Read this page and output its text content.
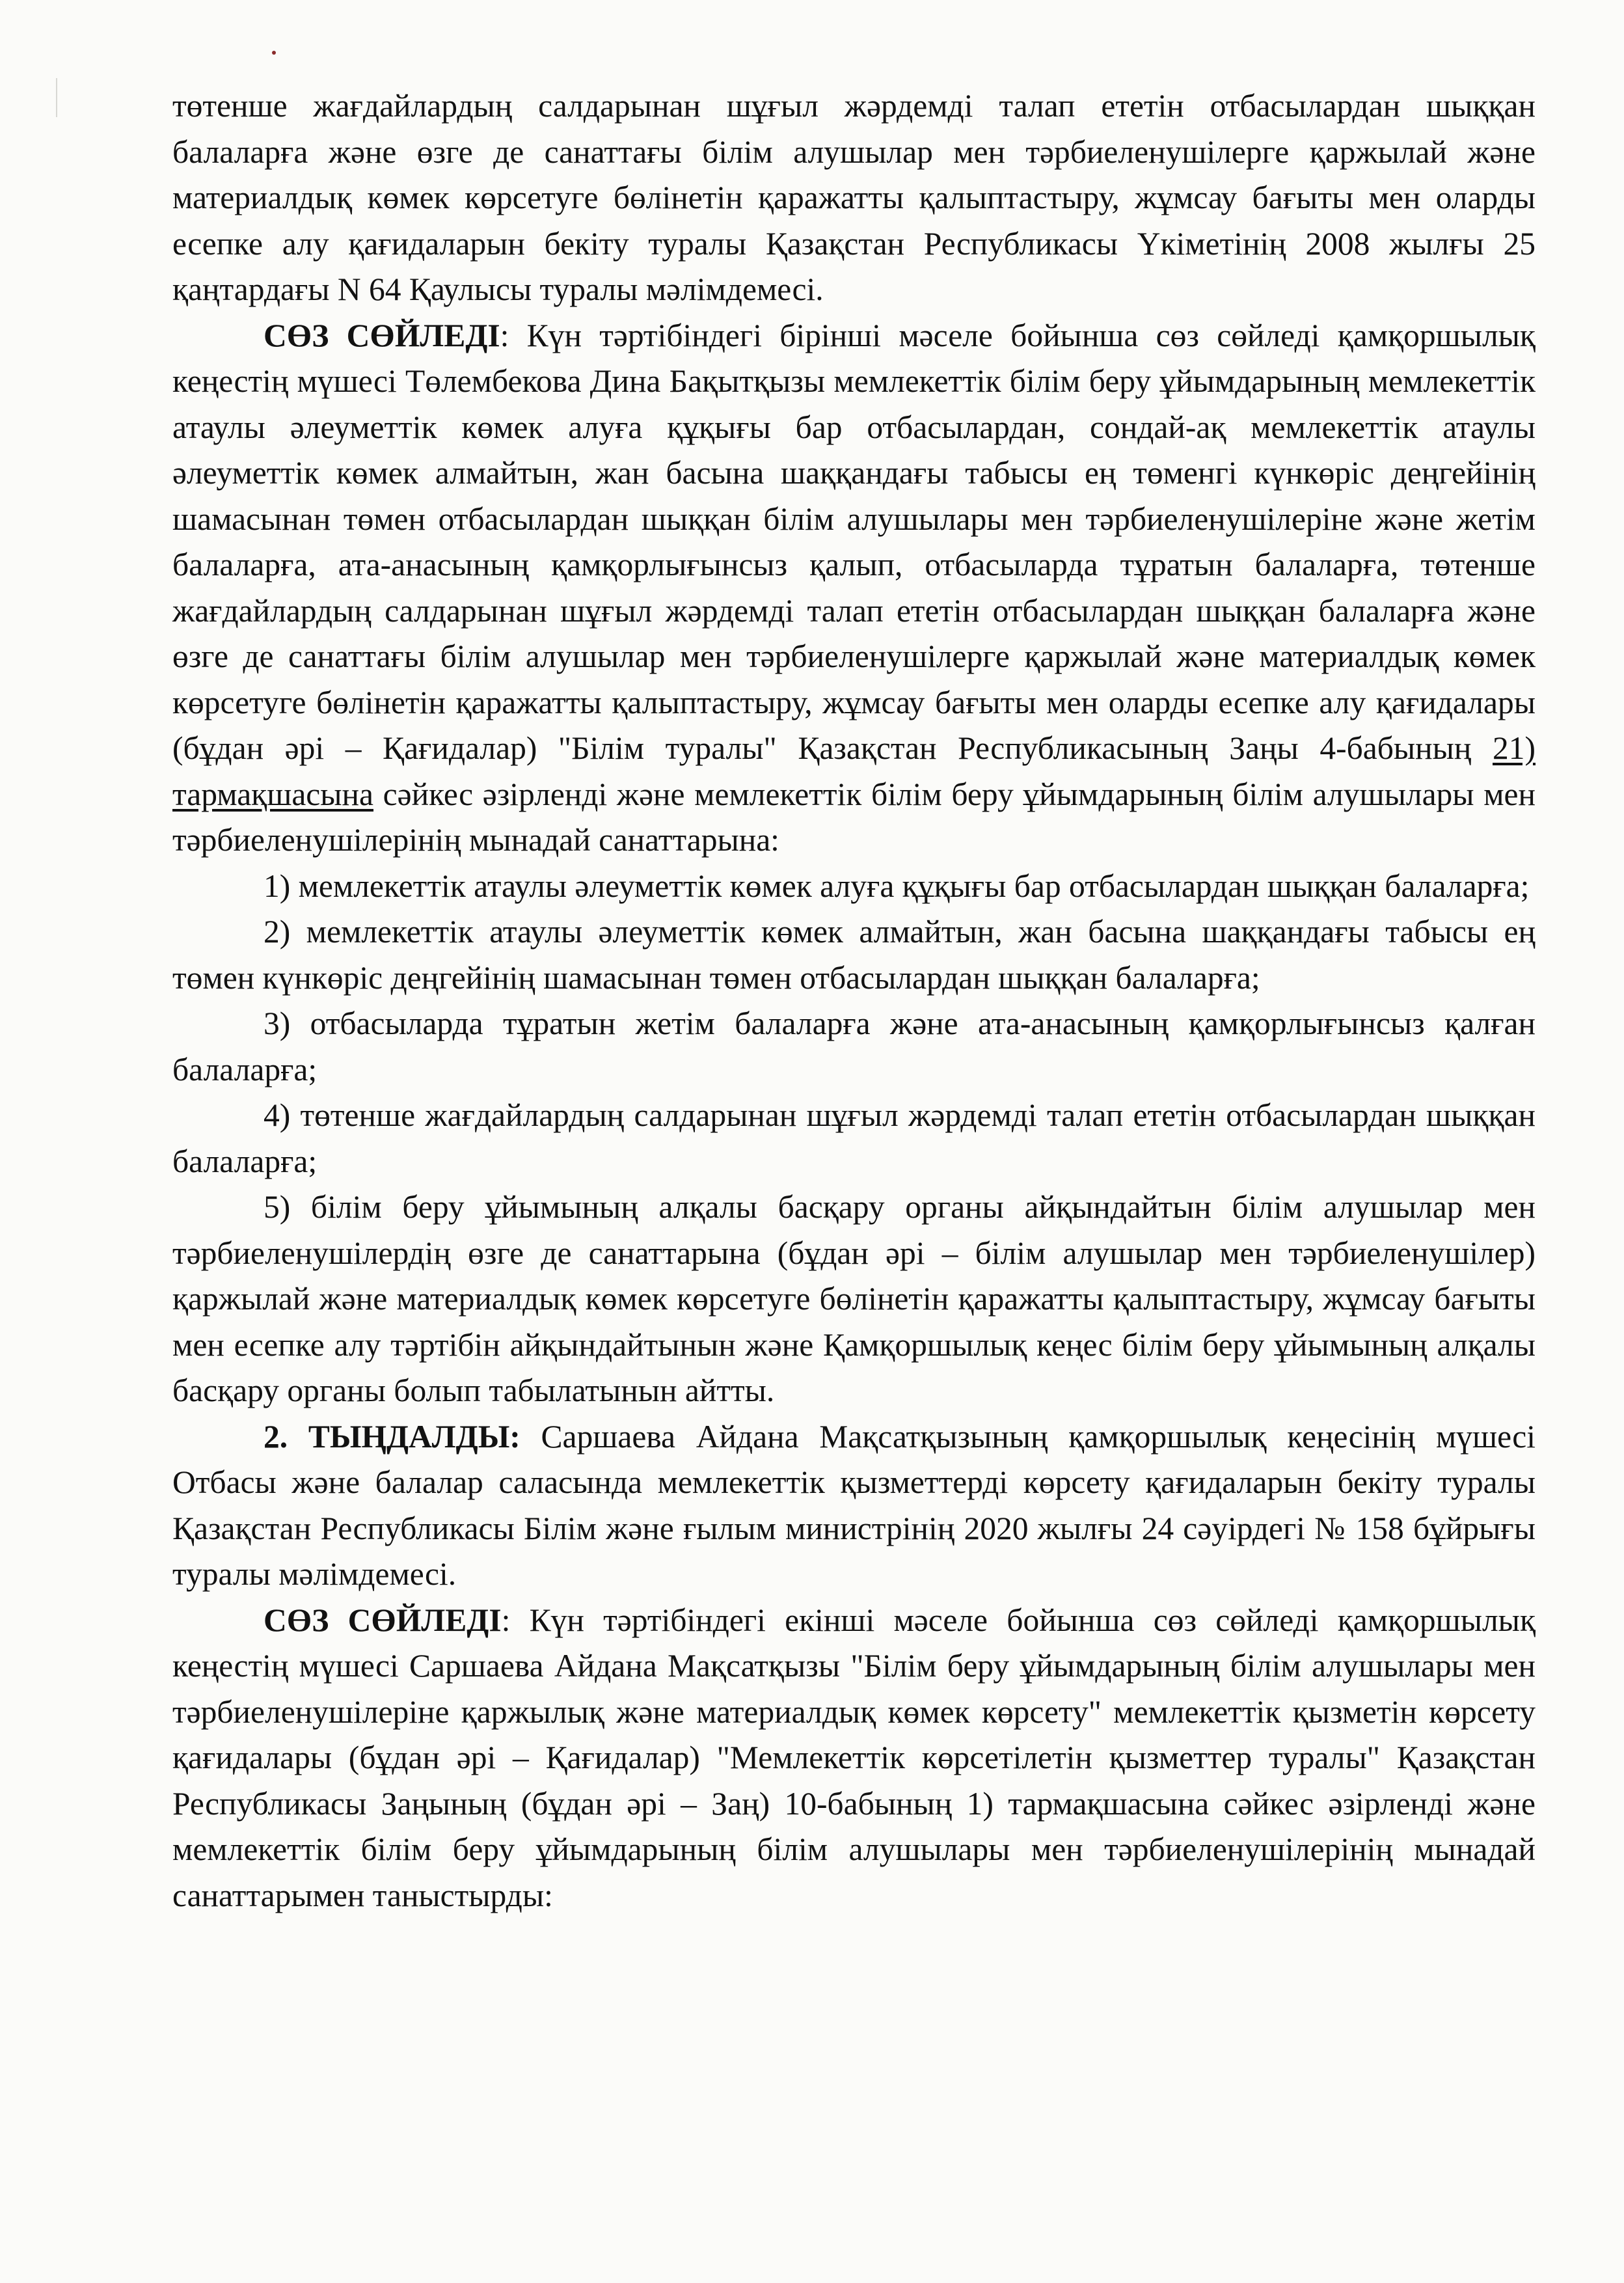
төтенше жағдайлардың салдарынан шұғыл жәрдемді талап ететін отбасылардан шыққан балаларға және өзге де санаттағы білім алушылар мен тәрбиеленушілерге қаржылай және материалдық көмек көрсетуге бөлінетін қаражатты қалыптастыру, жұмсау бағыты мен оларды есепке алу қағидаларын бекіту туралы Қазақстан Республикасы Үкіметінің 2008 жылғы 25 қаңтардағы N 64 Қаулысы туралы мәлімдемесі.

СӨЗ СӨЙЛЕДІ: Күн тәртібіндегі бірінші мәселе бойынша сөз сөйледі қамқоршылық кеңестің мүшесі Төлембекова Дина Бақытқызы мемлекеттік білім беру ұйымдарының мемлекеттік атаулы әлеуметтік көмек алуға құқығы бар отбасылардан, сондай-ақ мемлекеттік атаулы әлеуметтік көмек алмайтын, жан басына шаққандағы табысы ең төменгі күнкөріс деңгейінің шамасынан төмен отбасылардан шыққан білім алушылары мен тәрбиеленушілеріне және жетім балаларға, ата-анасының қамқорлығынсыз қалып, отбасыларда тұратын балаларға, төтенше жағдайлардың салдарынан шұғыл жәрдемді талап ететін отбасылардан шыққан балаларға және өзге де санаттағы білім алушылар мен тәрбиеленушілерге қаржылай және материалдық көмек көрсетуге бөлінетін қаражатты қалыптастыру, жұмсау бағыты мен оларды есепке алу қағидалары (бұдан әрі – Қағидалар) "Білім туралы" Қазақстан Республикасының Заңы 4-бабының 21) тармақшасына сәйкес әзірленді және мемлекеттік білім беру ұйымдарының білім алушылары мен тәрбиеленушілерінің мынадай санаттарына:

1) мемлекеттік атаулы әлеуметтік көмек алуға құқығы бар отбасылардан шыққан балаларға;

2) мемлекеттік атаулы әлеуметтік көмек алмайтын, жан басына шаққандағы табысы ең төмен күнкөріс деңгейінің шамасынан төмен отбасылардан шыққан балаларға;

3) отбасыларда тұратын жетім балаларға және ата-анасының қамқорлығынсыз қалған балаларға;

4) төтенше жағдайлардың салдарынан шұғыл жәрдемді талап ететін отбасылардан шыққан балаларға;

5) білім беру ұйымының алқалы басқару органы айқындайтын білім алушылар мен тәрбиеленушілердің өзге де санаттарына (бұдан әрі – білім алушылар мен тәрбиеленушілер) қаржылай және материалдық көмек көрсетуге бөлінетін қаражатты қалыптастыру, жұмсау бағыты мен есепке алу тәртібін айқындайтынын және Қамқоршылық кеңес білім беру ұйымының алқалы басқару органы болып табылатынын айтты.

2. ТЫҢДАЛДЫ: Саршаева Айдана Мақсатқызының қамқоршылық кеңесінің мүшесі Отбасы және балалар саласында мемлекеттік қызметтерді көрсету қағидаларын бекіту туралы Қазақстан Республикасы Білім және ғылым министрінің 2020 жылғы 24 сәуірдегі № 158 бұйрығы туралы мәлімдемесі.

СӨЗ СӨЙЛЕДІ: Күн тәртібіндегі екінші мәселе бойынша сөз сөйледі қамқоршылық кеңестің мүшесі Саршаева Айдана Мақсатқызы "Білім беру ұйымдарының білім алушылары мен тәрбиеленушілеріне қаржылық және материалдық көмек көрсету" мемлекеттік қызметін көрсету қағидалары (бұдан әрі – Қағидалар) "Мемлекеттік көрсетілетін қызметтер туралы" Қазақстан Республикасы Заңының (бұдан әрі – Заң) 10-бабының 1) тармақшасына сәйкес әзірленді және мемлекеттік білім беру ұйымдарының білім алушылары мен тәрбиеленушілерінің мынадай санаттарымен таныстырды:
